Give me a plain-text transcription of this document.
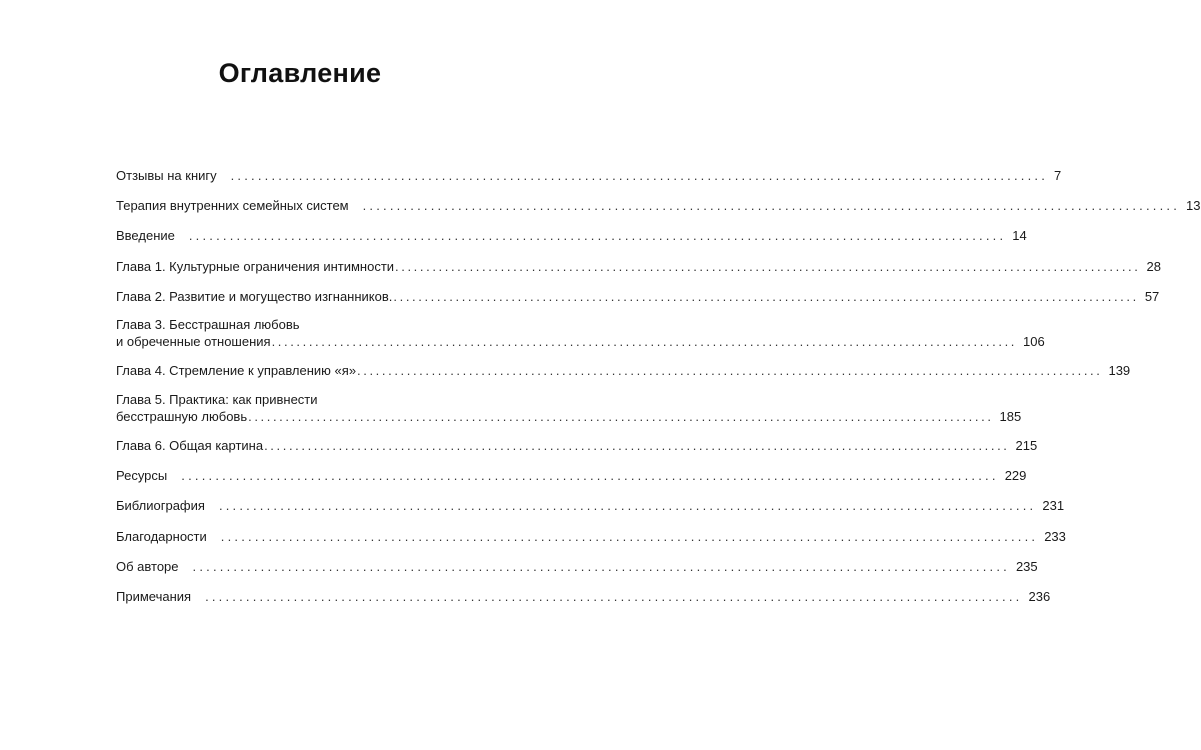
Оглавление
Отзывы на книгу ........................................................................................................................ 7
Терапия внутренних семейных систем ........................................................................................................................ 13
Введение ........................................................................................................................ 14
Глава 1. Культурные ограничения интимности ........................................................................................................................ 28
Глава 2. Развитие и могущество изгнанников. ........................................................................................................................ 57
Глава 3. Бесстрашная любовь
и обреченные отношения ........................................................................................................................ 106
Глава 4. Стремление к управлению «я» ........................................................................................................................ 139
Глава 5. Практика: как привнести
бесстрашную любовь ........................................................................................................................ 185
Глава 6. Общая картина ........................................................................................................................ 215
Ресурсы ........................................................................................................................ 229
Библиография ........................................................................................................................ 231
Благодарности ........................................................................................................................ 233
Об авторе ........................................................................................................................ 235
Примечания ........................................................................................................................ 236
